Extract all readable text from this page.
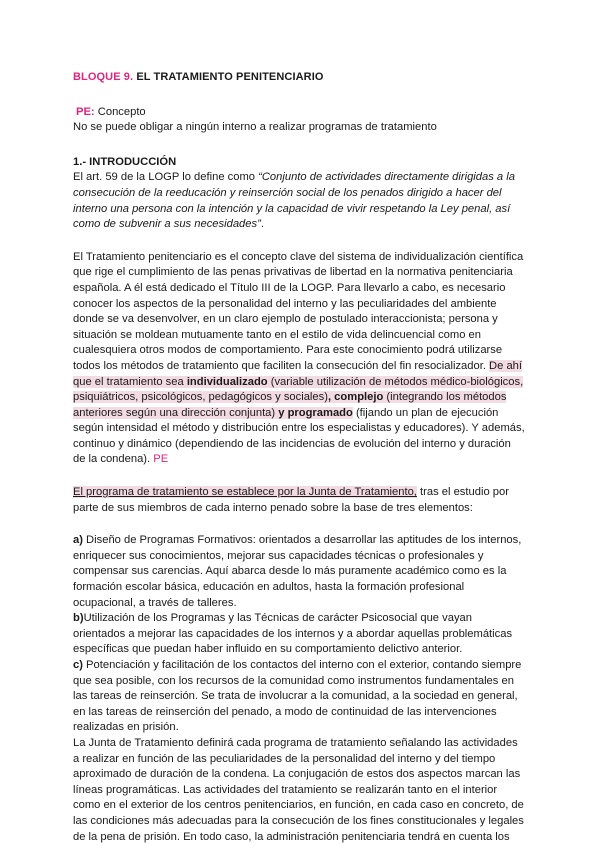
BLOQUE 9. EL TRATAMIENTO PENITENCIARIO

PE: Concepto

No se puede obligar a ningún interno a realizar programas de tratamiento

1.- INTRODUCCIÓN

El art. 59 de la LOGP lo define como “Conjunto de actividades directamente dirigidas a la consecución de la reeducación y reinserción social de los penados dirigido a hacer del interno una persona con la intención y la capacidad de vivir respetando la Ley penal, así como de subvenir a sus necesidades”.

El Tratamiento penitenciario es el concepto clave del sistema de individualización científica que rige el cumplimiento de las penas privativas de libertad en la normativa penitenciaria española. A él está dedicado el Título III de la LOGP. Para llevarlo a cabo, es necesario conocer los aspectos de la personalidad del interno y las peculiaridades del ambiente donde se va desenvolver, en un claro ejemplo de postulado interaccionista; persona y situación se moldean mutuamente tanto en el estilo de vida delincuencial como en cualesquiera otros modos de comportamiento. Para este conocimiento podrá utilizarse todos los métodos de tratamiento que faciliten la consecución del fin resocializador. De ahí que el tratamiento sea individualizado (variable utilización de métodos médico-biológicos, psiquiátricos, psicológicos, pedagógicos y sociales), complejo (integrando los métodos anteriores según una dirección conjunta) y programado (fijando un plan de ejecución según intensidad el método y distribución entre los especialistas y educadores). Y además, continuo y dinámico (dependiendo de las incidencias de evolución del interno y duración de la condena). PE

El programa de tratamiento se establece por la Junta de Tratamiento, tras el estudio por parte de sus miembros de cada interno penado sobre la base de tres elementos:

a) Diseño de Programas Formativos: orientados a desarrollar las aptitudes de los internos, enriquecer sus conocimientos, mejorar sus capacidades técnicas o profesionales y compensar sus carencias. Aquí abarca desde lo más puramente académico como es la formación escolar básica, educación en adultos, hasta la formación profesional ocupacional, a través de talleres.

b)Utilización de los Programas y las Técnicas de carácter Psicosocial que vayan orientados a mejorar las capacidades de los internos y a abordar aquellas problemáticas específicas que puedan haber influido en su comportamiento delictivo anterior.

c) Potenciación y facilitación de los contactos del interno con el exterior, contando siempre que sea posible, con los recursos de la comunidad como instrumentos fundamentales en las tareas de reinserción. Se trata de involucrar a la comunidad, a la sociedad en general, en las tareas de reinserción del penado, a modo de continuidad de las intervenciones realizadas en prisión.

La Junta de Tratamiento definirá cada programa de tratamiento señalando las actividades a realizar en función de las peculiaridades de la personalidad del interno y del tiempo aproximado de duración de la condena. La conjugación de estos dos aspectos marcan las líneas programáticas. Las actividades del tratamiento se realizarán tanto en el interior como en el exterior de los centros penitenciarios, en función, en cada caso en concreto, de las condiciones más adecuadas para la consecución de los fines constitucionales y legales de la pena de prisión. En todo caso, la administración penitenciaria tendrá en cuenta los
